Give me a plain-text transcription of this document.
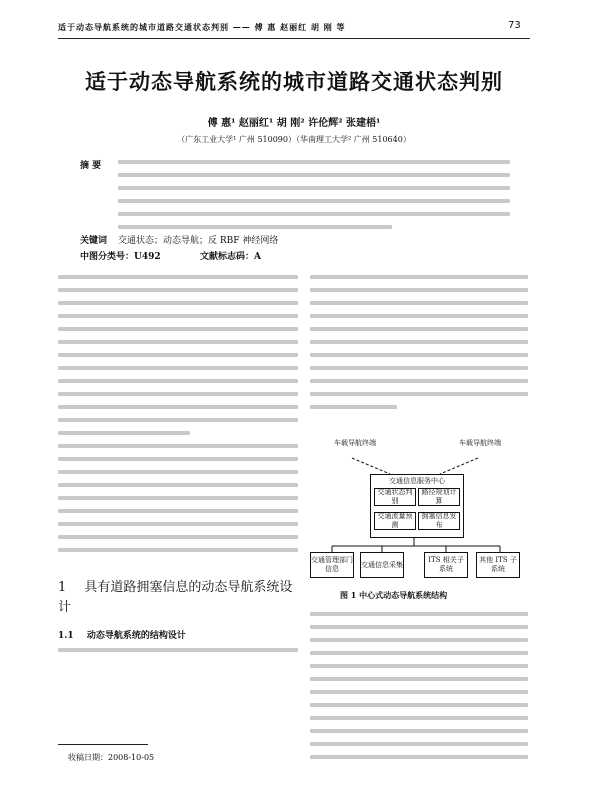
适于动态导航系统的城市道路交通状态判别 —— 傅 惠 赵丽红 胡 刚 等	73
适于动态导航系统的城市道路交通状态判别
傅 惠¹ 赵丽红¹ 胡 刚² 许伦辉² 张建梧¹
（广东工业大学¹ 广州 510090）（华南理工大学² 广州 510640）
摘 要
关键词 交通状态；动态导航；反 RBF 神经网络
中图分类号：U492	文献标志码：A
车载导航终端	车载导航终端
交通信息服务中心
交通状态判别
交通流量预测
路径规划计算
拥塞信息发布
交通管理部门信息
交通信息采集
ITS 相关子系统
其他 ITS 子系统
图 1 中心式动态导航系统结构
1 具有道路拥塞信息的动态导航系统设计
1.1 动态导航系统的结构设计
收稿日期：2008-10-05
